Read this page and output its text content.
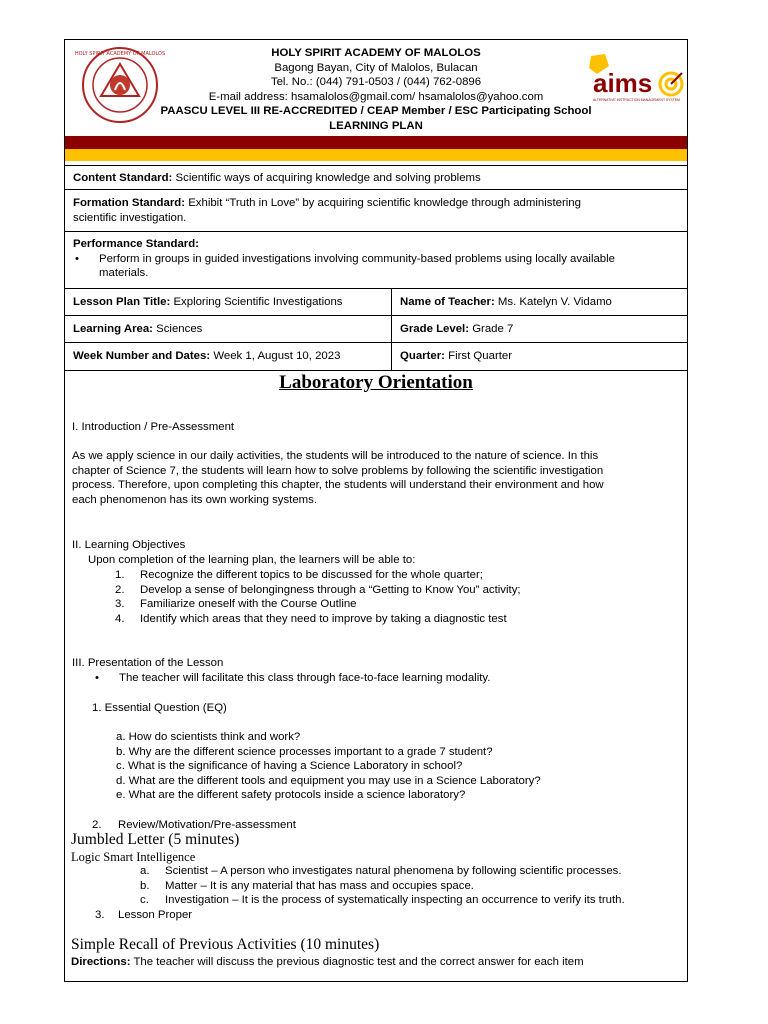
HOLY SPIRIT ACADEMY OF MALOLOS	HOLY SPIRIT ACADEMY OF MALOLOS
Bagong Bayan, City of Malolos, Bulacan
Tel. No.: (044) 791-0503 / (044) 762-0896
E-mail address: hsamalolos@gmail.com/ hsamalolos@yahoo.com
PAASCU LEVEL III RE-ACCREDITED / CEAP Member / ESC Participating School
LEARNING PLAN
aims
ALTERNATIVE INSTRUCTION MANAGEMENT SYSTEM
Content Standard: Scientific ways of acquiring knowledge and solving problems
Formation Standard: Exhibit “Truth in Love” by acquiring scientific knowledge through administering
scientific investigation.
Performance Standard:
• Perform in groups in guided investigations involving community-based problems using locally available
materials.
Lesson Plan Title: Exploring Scientific Investigations	Name of Teacher: Ms. Katelyn V. Vidamo
Learning Area: Sciences	Grade Level: Grade 7
Week Number and Dates: Week 1, August 10, 2023	Quarter: First Quarter
Laboratory Orientation
I. Introduction / Pre-Assessment
As we apply science in our daily activities, the students will be introduced to the nature of science. In this
chapter of Science 7, the students will learn how to solve problems by following the scientific investigation
process. Therefore, upon completing this chapter, the students will understand their environment and how
each phenomenon has its own working systems.
II. Learning Objectives
Upon completion of the learning plan, the learners will be able to:
1. Recognize the different topics to be discussed for the whole quarter;
2. Develop a sense of belongingness through a “Getting to Know You” activity;
3. Familiarize oneself with the Course Outline
4. Identify which areas that they need to improve by taking a diagnostic test
III. Presentation of the Lesson
• The teacher will facilitate this class through face-to-face learning modality.
1. Essential Question (EQ)
a. How do scientists think and work?
b. Why are the different science processes important to a grade 7 student?
c. What is the significance of having a Science Laboratory in school?
d. What are the different tools and equipment you may use in a Science Laboratory?
e. What are the different safety protocols inside a science laboratory?
2. Review/Motivation/Pre-assessment
Jumbled Letter (5 minutes)
Logic Smart Intelligence
a. Scientist – A person who investigates natural phenomena by following scientific processes.
b. Matter – It is any material that has mass and occupies space.
c. Investigation – It is the process of systematically inspecting an occurrence to verify its truth.
3. Lesson Proper
Simple Recall of Previous Activities (10 minutes)
Directions: The teacher will discuss the previous diagnostic test and the correct answer for each item
